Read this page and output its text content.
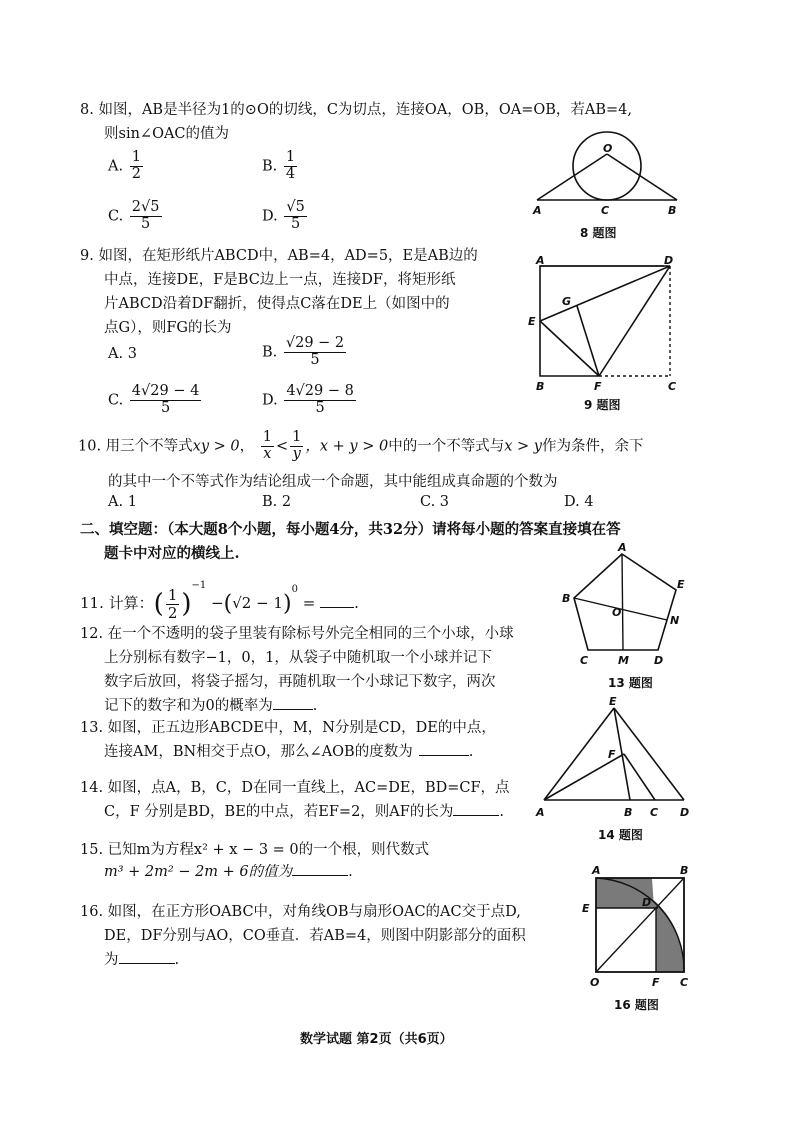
8. 如图，AB是半径为1的⊙O的切线，C为切点，连接OA，OB，OA=OB，若AB=4,
则sin∠OAC的值为
A. $\frac{1}{2}$	B. $\frac{1}{4}$
C. $\frac{2√5}{5}$	D. $\frac{√5}{5}$
O
A	C	B
8 题图
9. 如图，在矩形纸片ABCD中，AB=4，AD=5，E是AB边的
中点，连接DE，F是BC边上一点，连接DF，将矩形纸
片ABCD沿着DF翻折，使得点C落在DE上（如图中的
点G），则FG的长为
A. 3	B. $\frac{√29 - 2}{5}$
C. $\frac{4√29 - 4}{5}$	D. $\frac{4√29 - 8}{5}$
A	D
G
E
B	F	C
9 题图
10. 用三个不等式xy > 0， $\frac{1}{x} < \frac{1}{y}$ ，x + y > 0中的一个不等式与x > y作为条件，余下
的其中一个不等式作为结论组成一个命题，其中能组成真命题的个数为
A. 1	B. 2	C. 3	D. 4
二、填空题：（本大题8个小题，每小题4分，共32分）请将每小题的答案直接填在答
题卡中对应的横线上.
11. 计算：( $\frac{1}{2} )^{-1} -(√2 - 1)^0$ =	.
12. 在一个不透明的袋子里装有除标号外完全相同的三个小球，小球
上分别标有数字−1，0，1，从袋子中随机取一个小球并记下
数字后放回，将袋子摇匀，再随机取一个小球记下数字，两次
记下的数字和为0的概率为	.
A
B
C	D
E
M
N
O
13 题图
13. 如图，正五边形ABCDE中，M，N分别是CD，DE的中点，
连接AM，BN相交于点O，那么∠AOB的度数为	.
E
F
A	B C D
14 题图
14. 如图，点A，B，C，D在同一直线上，AC=DE，BD=CF，点
C，F 分别是BD，BE的中点，若EF=2，则AF的长为	.
15. 已知m为方程x² + x − 3 = 0的一个根，则代数式
m³ + 2m² − 2m + 6的值为	.
16. 如图，在正方形OABC中，对角线OB与扇形OAC的AC交于点D,
DE，DF分别与AO，CO垂直．若AB=4，则图中阴影部分的面积
为	.
A	B
D
E
O	F C
16 题图
数学试题 第2页（共6页）
